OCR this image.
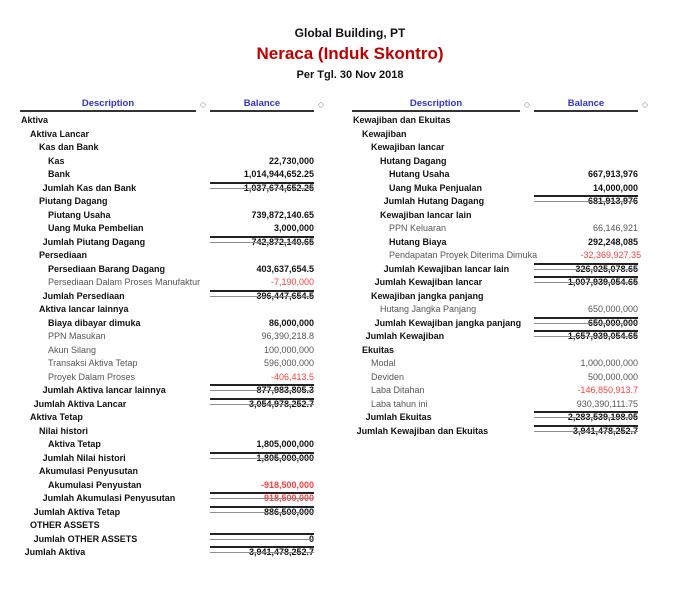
Global Building, PT
Neraca (Induk Skontro)
Per Tgl. 30 Nov 2018
Description	◇	Balance	◇
Aktiva
Aktiva Lancar
Kas dan Bank
Kas	22,730,000
Bank	1,014,944,652.25
Jumlah Kas dan Bank	1,037,674,652.25
Piutang Dagang
Piutang Usaha	739,872,140.65
Uang Muka Pembelian	3,000,000
Jumlah Piutang Dagang	742,872,140.65
Persediaan
Persediaan Barang Dagang	403,637,654.5
Persediaan Dalam Proses Manufaktur	-7,190,000
Jumlah Persediaan	396,447,654.5
Aktiva lancar lainnya
Biaya dibayar dimuka	86,000,000
PPN Masukan	96,390,218.8
Akun Silang	100,000,000
Transaksi Aktiva Tetap	596,000,000
Proyek Dalam Proses	-406,413.5
Jumlah Aktiva lancar lainnya	877,983,805.3
Jumlah Aktiva Lancar	3,054,978,252.7
Aktiva Tetap
Nilai histori
Aktiva Tetap	1,805,000,000
Jumlah Nilai histori	1,805,000,000
Akumulasi Penyusutan
Akumulasi Penyustan	-918,500,000
Jumlah Akumulasi Penyusutan	-918,500,000
Jumlah Aktiva Tetap	886,500,000
OTHER ASSETS
Jumlah OTHER ASSETS	0
Jumlah Aktiva	3,941,478,252.7
Description	◇	Balance	◇
Kewajiban dan Ekuitas
Kewajiban
Kewajiban lancar
Hutang Dagang
Hutang Usaha	667,913,976
Uang Muka Penjualan	14,000,000
Jumlah Hutang Dagang	681,913,976
Kewajiban lancar lain
PPN Keluaran	66,146,921
Hutang Biaya	292,248,085
Pendapatan Proyek Diterima Dimuka	-32,369,927.35
Jumlah Kewajiban lancar lain	326,025,078.65
Jumlah Kewajiban lancar	1,007,939,054.65
Kewajiban jangka panjang
Hutang Jangka Panjang	650,000,000
Jumlah Kewajiban jangka panjang	650,000,000
Jumlah Kewajiban	1,657,939,054.65
Ekuitas
Modal	1,000,000,000
Deviden	500,000,000
Laba Ditahan	-146,850,913.7
Laba tahun ini	930,390,111.75
Jumlah Ekuitas	2,283,539,198.05
Jumlah Kewajiban dan Ekuitas	3,941,478,252.7
